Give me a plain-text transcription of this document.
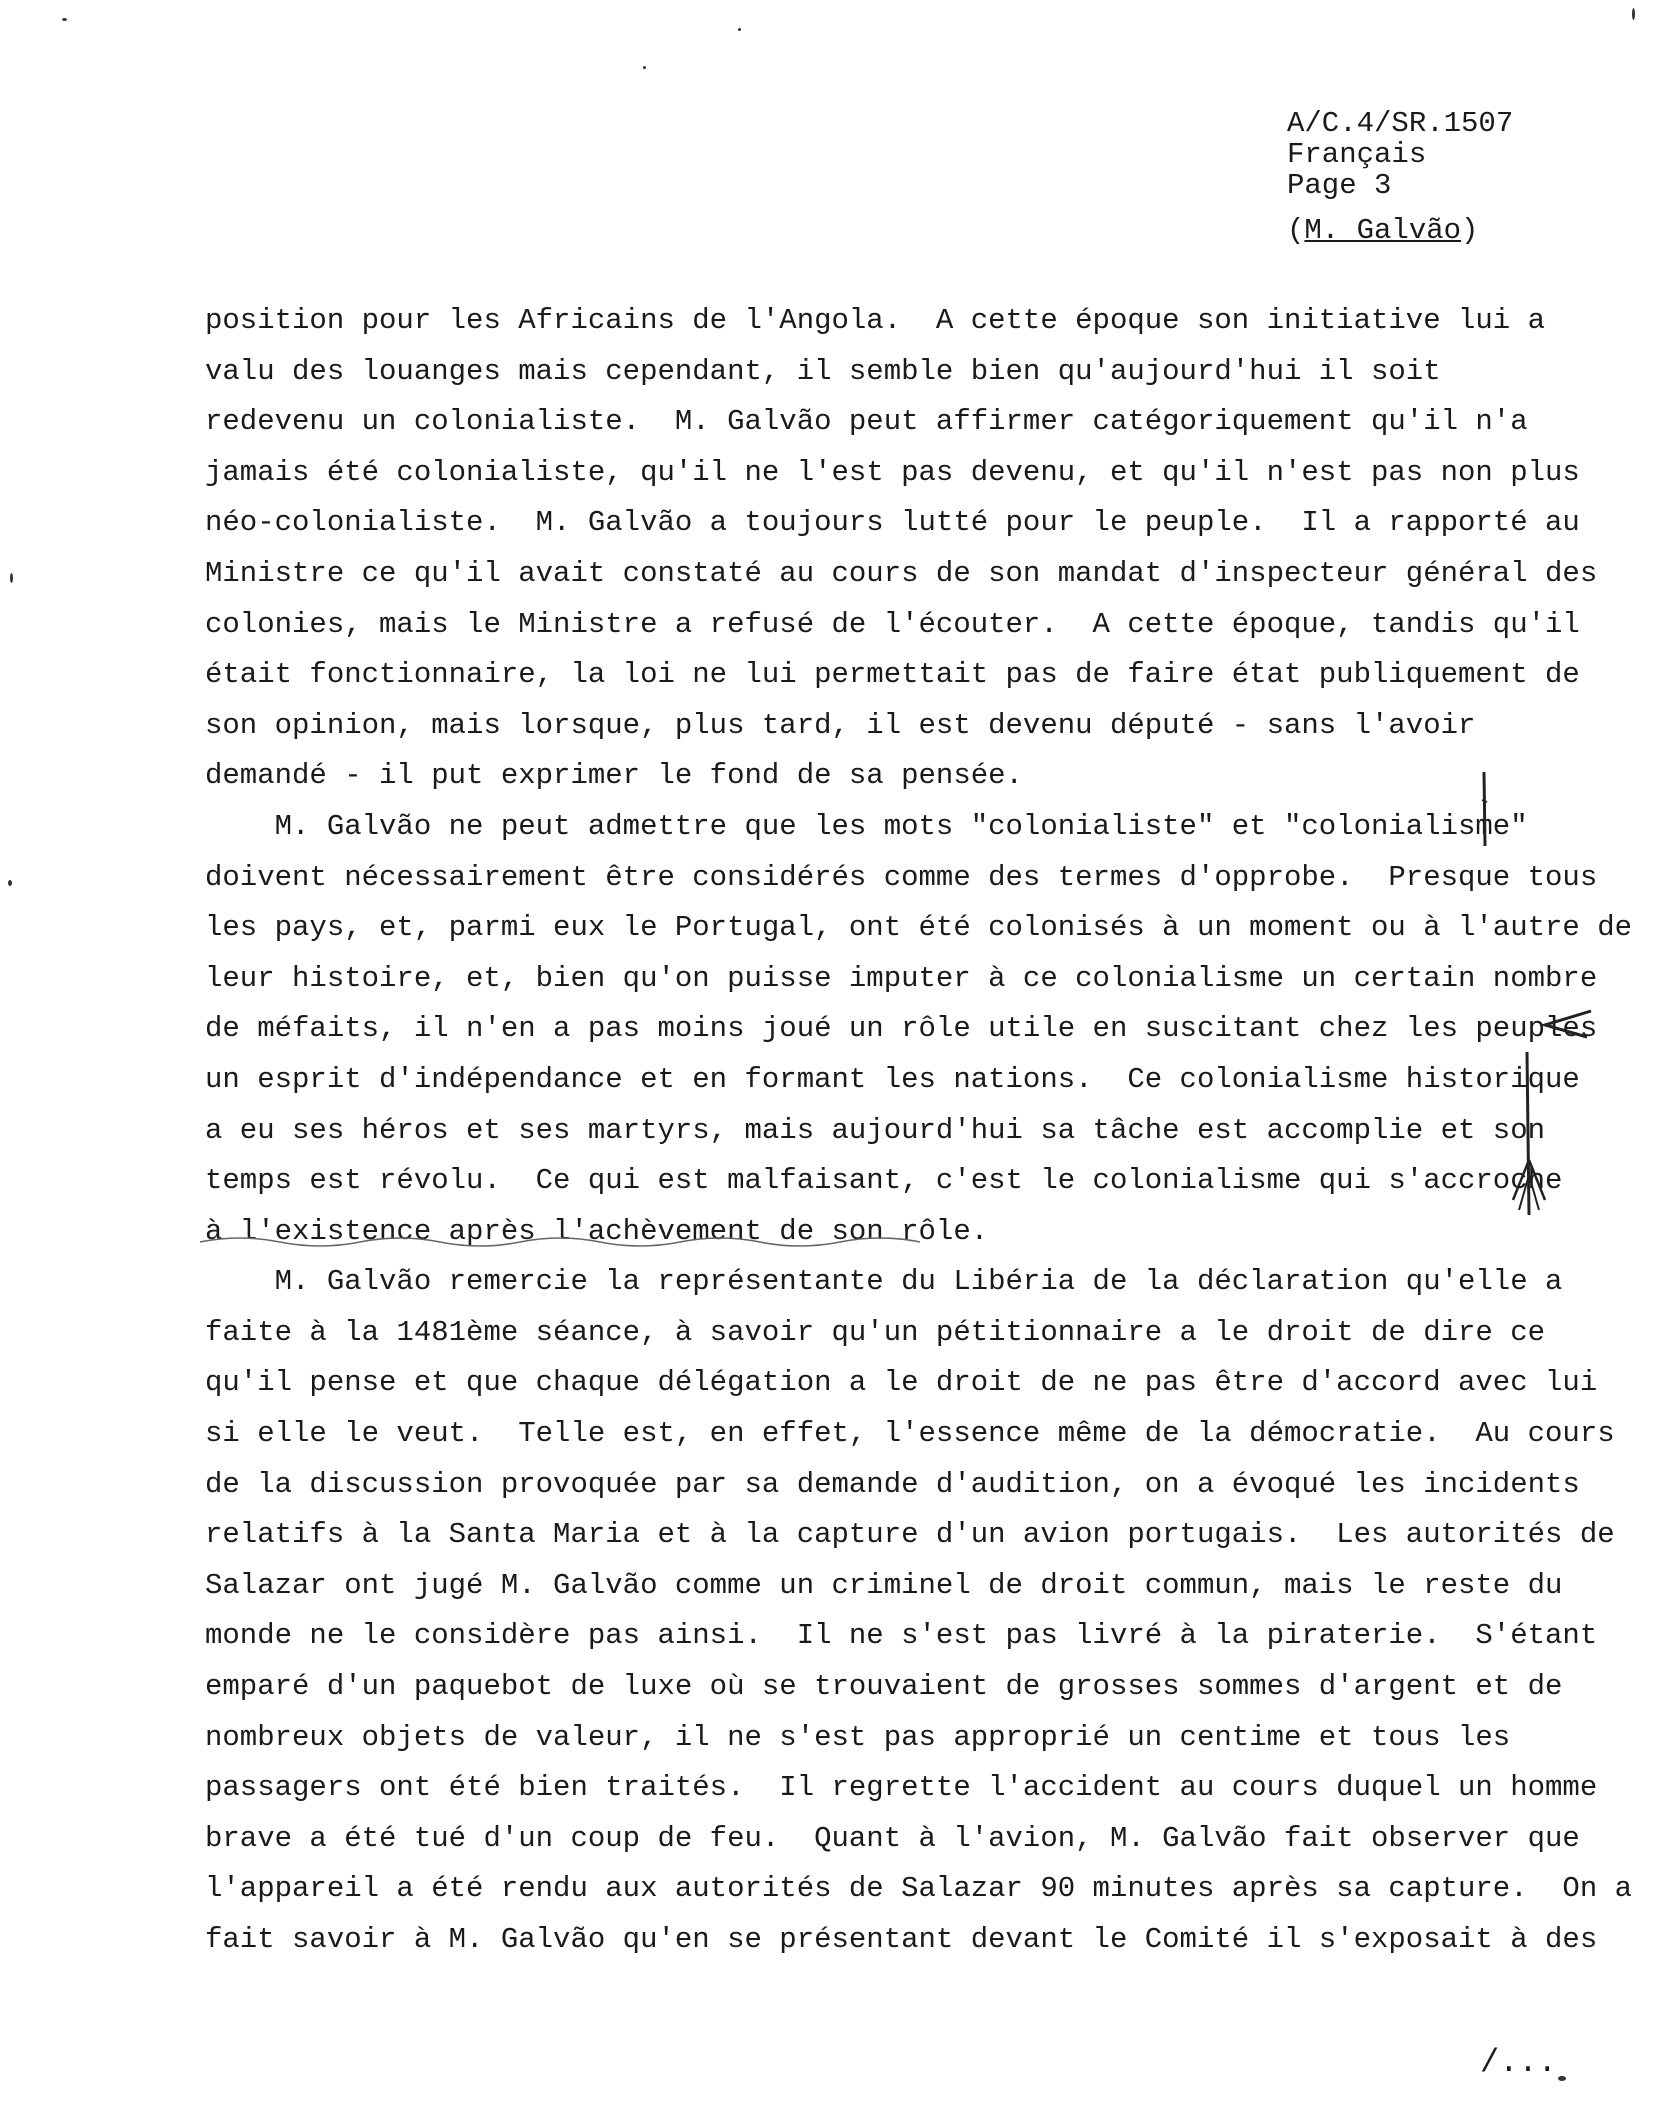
A/C.4/SR.1507
Français
Page 3
(M. Galvão)
position pour les Africains de l'Angola.  A cette époque son initiative lui a
valu des louanges mais cependant, il semble bien qu'aujourd'hui il soit
redevenu un colonialiste.  M. Galvão peut affirmer catégoriquement qu'il n'a
jamais été colonialiste, qu'il ne l'est pas devenu, et qu'il n'est pas non plus
néo-colonialiste.  M. Galvão a toujours lutté pour le peuple.  Il a rapporté au
Ministre ce qu'il avait constaté au cours de son mandat d'inspecteur général des
colonies, mais le Ministre a refusé de l'écouter.  A cette époque, tandis qu'il
était fonctionnaire, la loi ne lui permettait pas de faire état publiquement de
son opinion, mais lorsque, plus tard, il est devenu député - sans l'avoir
demandé - il put exprimer le fond de sa pensée.
M. Galvão ne peut admettre que les mots "colonialiste" et "colonialisme"
doivent nécessairement être considérés comme des termes d'opprobe.  Presque tous
les pays, et, parmi eux le Portugal, ont été colonisés à un moment ou à l'autre de
leur histoire, et, bien qu'on puisse imputer à ce colonialisme un certain nombre
de méfaits, il n'en a pas moins joué un rôle utile en suscitant chez les peuples
un esprit d'indépendance et en formant les nations.  Ce colonialisme historique
a eu ses héros et ses martyrs, mais aujourd'hui sa tâche est accomplie et son
temps est révolu.  Ce qui est malfaisant, c'est le colonialisme qui s'accroche
à l'existence après l'achèvement de son rôle.
M. Galvão remercie la représentante du Libéria de la déclaration qu'elle a
faite à la 1481ème séance, à savoir qu'un pétitionnaire a le droit de dire ce
qu'il pense et que chaque délégation a le droit de ne pas être d'accord avec lui
si elle le veut.  Telle est, en effet, l'essence même de la démocratie.  Au cours
de la discussion provoquée par sa demande d'audition, on a évoqué les incidents
relatifs à la Santa Maria et à la capture d'un avion portugais.  Les autorités de
Salazar ont jugé M. Galvão comme un criminel de droit commun, mais le reste du
monde ne le considère pas ainsi.  Il ne s'est pas livré à la piraterie.  S'étant
emparé d'un paquebot de luxe où se trouvaient de grosses sommes d'argent et de
nombreux objets de valeur, il ne s'est pas approprié un centime et tous les
passagers ont été bien traités.  Il regrette l'accident au cours duquel un homme
brave a été tué d'un coup de feu.  Quant à l'avion, M. Galvão fait observer que
l'appareil a été rendu aux autorités de Salazar 90 minutes après sa capture.  On a
fait savoir à M. Galvão qu'en se présentant devant le Comité il s'exposait à des
/...
